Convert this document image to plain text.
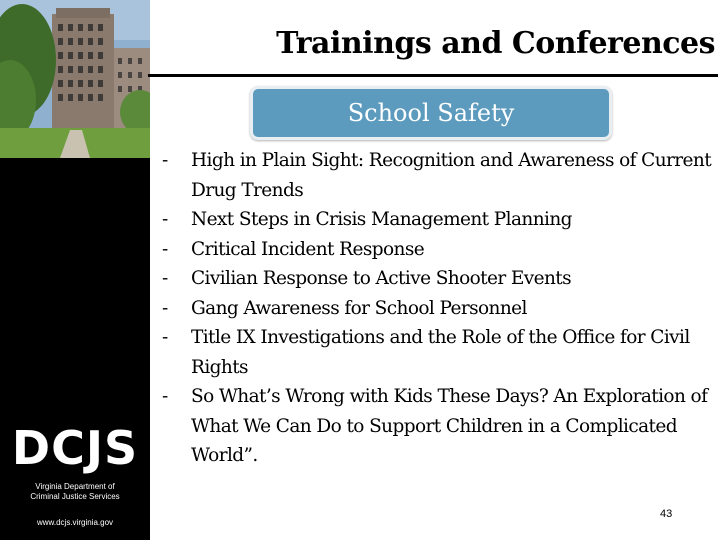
DCJS
Virginia Department of
Criminal Justice Services
www.dcjs.virginia.gov
Trainings and Conferences
School Safety
-	High in Plain Sight: Recognition and Awareness of Current Drug Trends
-	Next Steps in Crisis Management Planning
-	Critical Incident Response
-	Civilian Response to Active Shooter Events
-	Gang Awareness for School Personnel
-	Title IX Investigations and the Role of the Office for Civil Rights
-	So What’s Wrong with Kids These Days? An Exploration of What We Can Do to Support Children in a Complicated World”.
43
